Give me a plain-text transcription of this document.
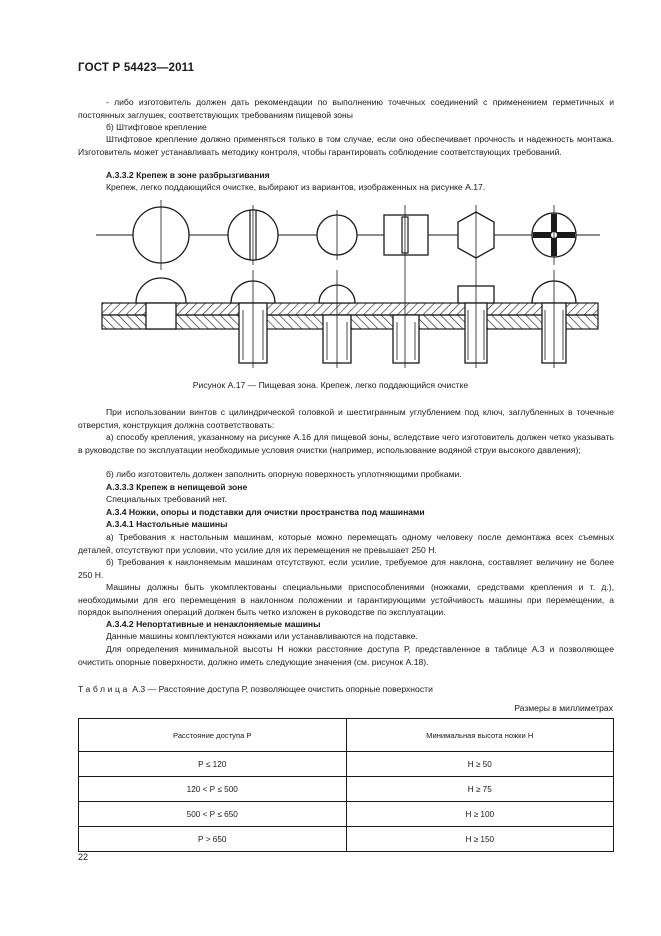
ГОСТ Р 54423—2011
- либо изготовитель должен дать рекомендации по выполнению точечных соединений с применением герметичных и постоянных заглушек, соответствующих требованиям пищевой зоны
б) Штифтовое крепление
Штифтовое крепление должно применяться только в том случае, если оно обеспечивает прочность и надежность монтажа. Изготовитель может устанавливать методику контроля, чтобы гарантировать соблюдение соответствующих требований.
А.3.3.2 Крепеж в зоне разбрызгивания
Крепеж, легко поддающийся очистке, выбирают из вариантов, изображенных на рисунке А.17.
Рисунок А.17 — Пищевая зона. Крепеж, легко поддающийся очистке
При использовании винтов с цилиндрической головкой и шестигранным углублением под ключ, заглубленных в точечные отверстия, конструкция должна соответствовать:
а) способу крепления, указанному на рисунке А.16 для пищевой зоны, вследствие чего изготовитель должен четко указывать в руководстве по эксплуатации необходимые условия очистки (например, использование водяной струи высокого давления);
б) либо изготовитель должен заполнить опорную поверхность уплотняющими пробками.
А.3.3.3 Крепеж в непищевой зоне
Специальных требований нет.
А.3.4 Ножки, опоры и подставки для очистки пространства под машинами
А.3.4.1 Настольные машины
а) Требования к настольным машинам, которые можно перемещать одному человеку после демонтажа всех съемных деталей, отсутствуют при условии, что усилие для их перемещения не превышает 250 Н.
б) Требования к наклоняемым машинам отсутствуют, если усилие, требуемое для наклона, составляет величину не более 250 Н.
Машины должны быть укомплектованы специальными приспособлениями (ножками, средствами крепления и т. д.), необходимыми для его перемещения в наклонном положении и гарантирующими устойчивость машины при перемещении, а порядок выполнения операций должен быть четко изложен в руководстве по эксплуатации.
А.3.4.2 Непортативные и ненаклоняемые машины
Данные машины комплектуются ножками или устанавливаются на подставке.
Для определения минимальной высоты Н ножки расстояние доступа Р, представленное в таблице А.3 и позволяющее очистить опорные поверхности, должно иметь следующие значения (см. рисунок А.18).
Таблица А.3 — Расстояние доступа Р, позволяющее очистить опорные поверхности
Размеры в миллиметрах
Расстояние доступа Р	Минимальная высота ножки Н
Р ≤ 120	Н ≥ 50
120 < Р ≤ 500	Н ≥ 75
500 < Р ≤ 650	Н ≥ 100
Р > 650	Н ≥ 150
22
